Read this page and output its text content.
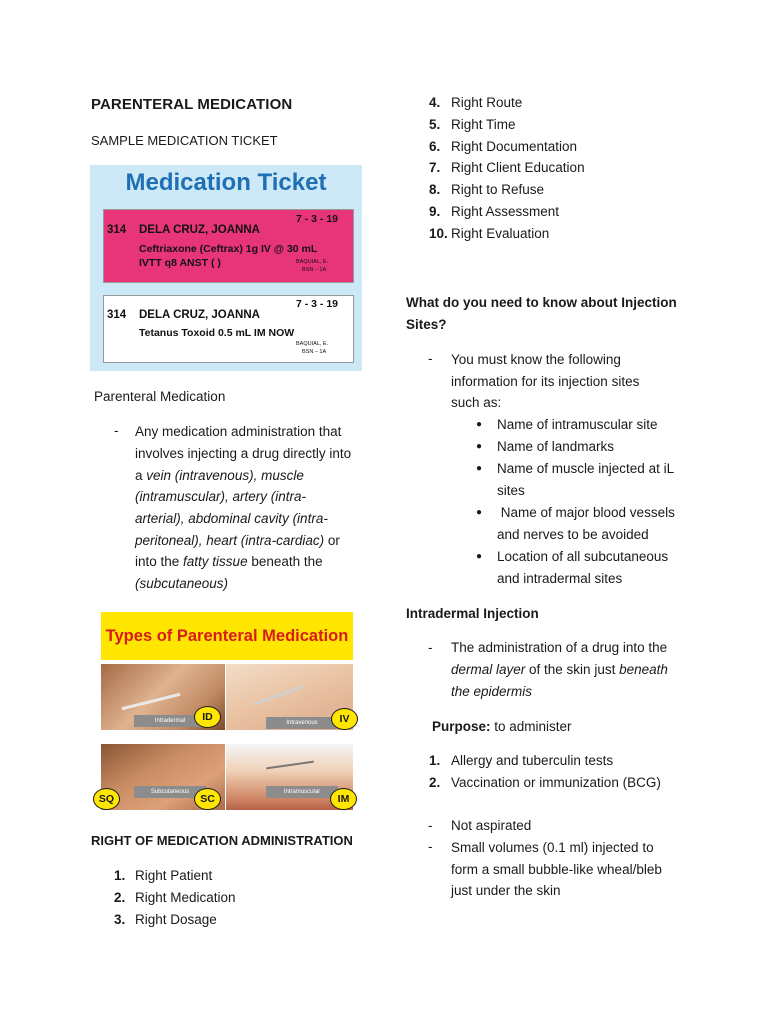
PARENTERAL MEDICATION
SAMPLE MEDICATION TICKET
Medication Ticket
314 DELA CRUZ, JOANNA
7 - 3 - 19
Ceftriaxone (Ceftrax) 1g IV @ 30 mL
IVTT q8 ANST ( )	BAQUIAL, E.
BSN – 1A
314 DELA CRUZ, JOANNA
7 - 3 - 19
Tetanus Toxoid 0.5 mL IM NOW
BAQUIAL, E.
BSN – 1A
Parenteral Medication
- Any medication administration that
involves injecting a drug directly into
a vein (intravenous), muscle
(intramuscular), artery (intra-
arterial), abdominal cavity (intra-
peritoneal), heart (intra-cardiac) or
into the fatty tissue beneath the
(subcutaneous)
Types of Parenteral Medication
Intradermal	Intravenous
ID	IV
Subcutaneous	Intramuscular
SQ	SC	IM
RIGHT OF MEDICATION ADMINISTRATION
1. Right Patient
2. Right Medication
3. Right Dosage
4. Right Route
5. Right Time
6. Right Documentation
7. Right Client Education
8. Right to Refuse
9. Right Assessment
10. Right Evaluation
What do you need to know about Injection
Sites?
- You must know the following
information for its injection sites
such as:
● Name of intramuscular site
● Name of landmarks
● Name of muscle injected at iL
sites
● Name of major blood vessels
and nerves to be avoided
● Location of all subcutaneous
and intradermal sites
Intradermal Injection
- The administration of a drug into the
dermal layer of the skin just beneath
the epidermis
Purpose: to administer
1. Allergy and tuberculin tests
2. Vaccination or immunization (BCG)
- Not aspirated
- Small volumes (0.1 ml) injected to
form a small bubble-like wheal/bleb
just under the skin
